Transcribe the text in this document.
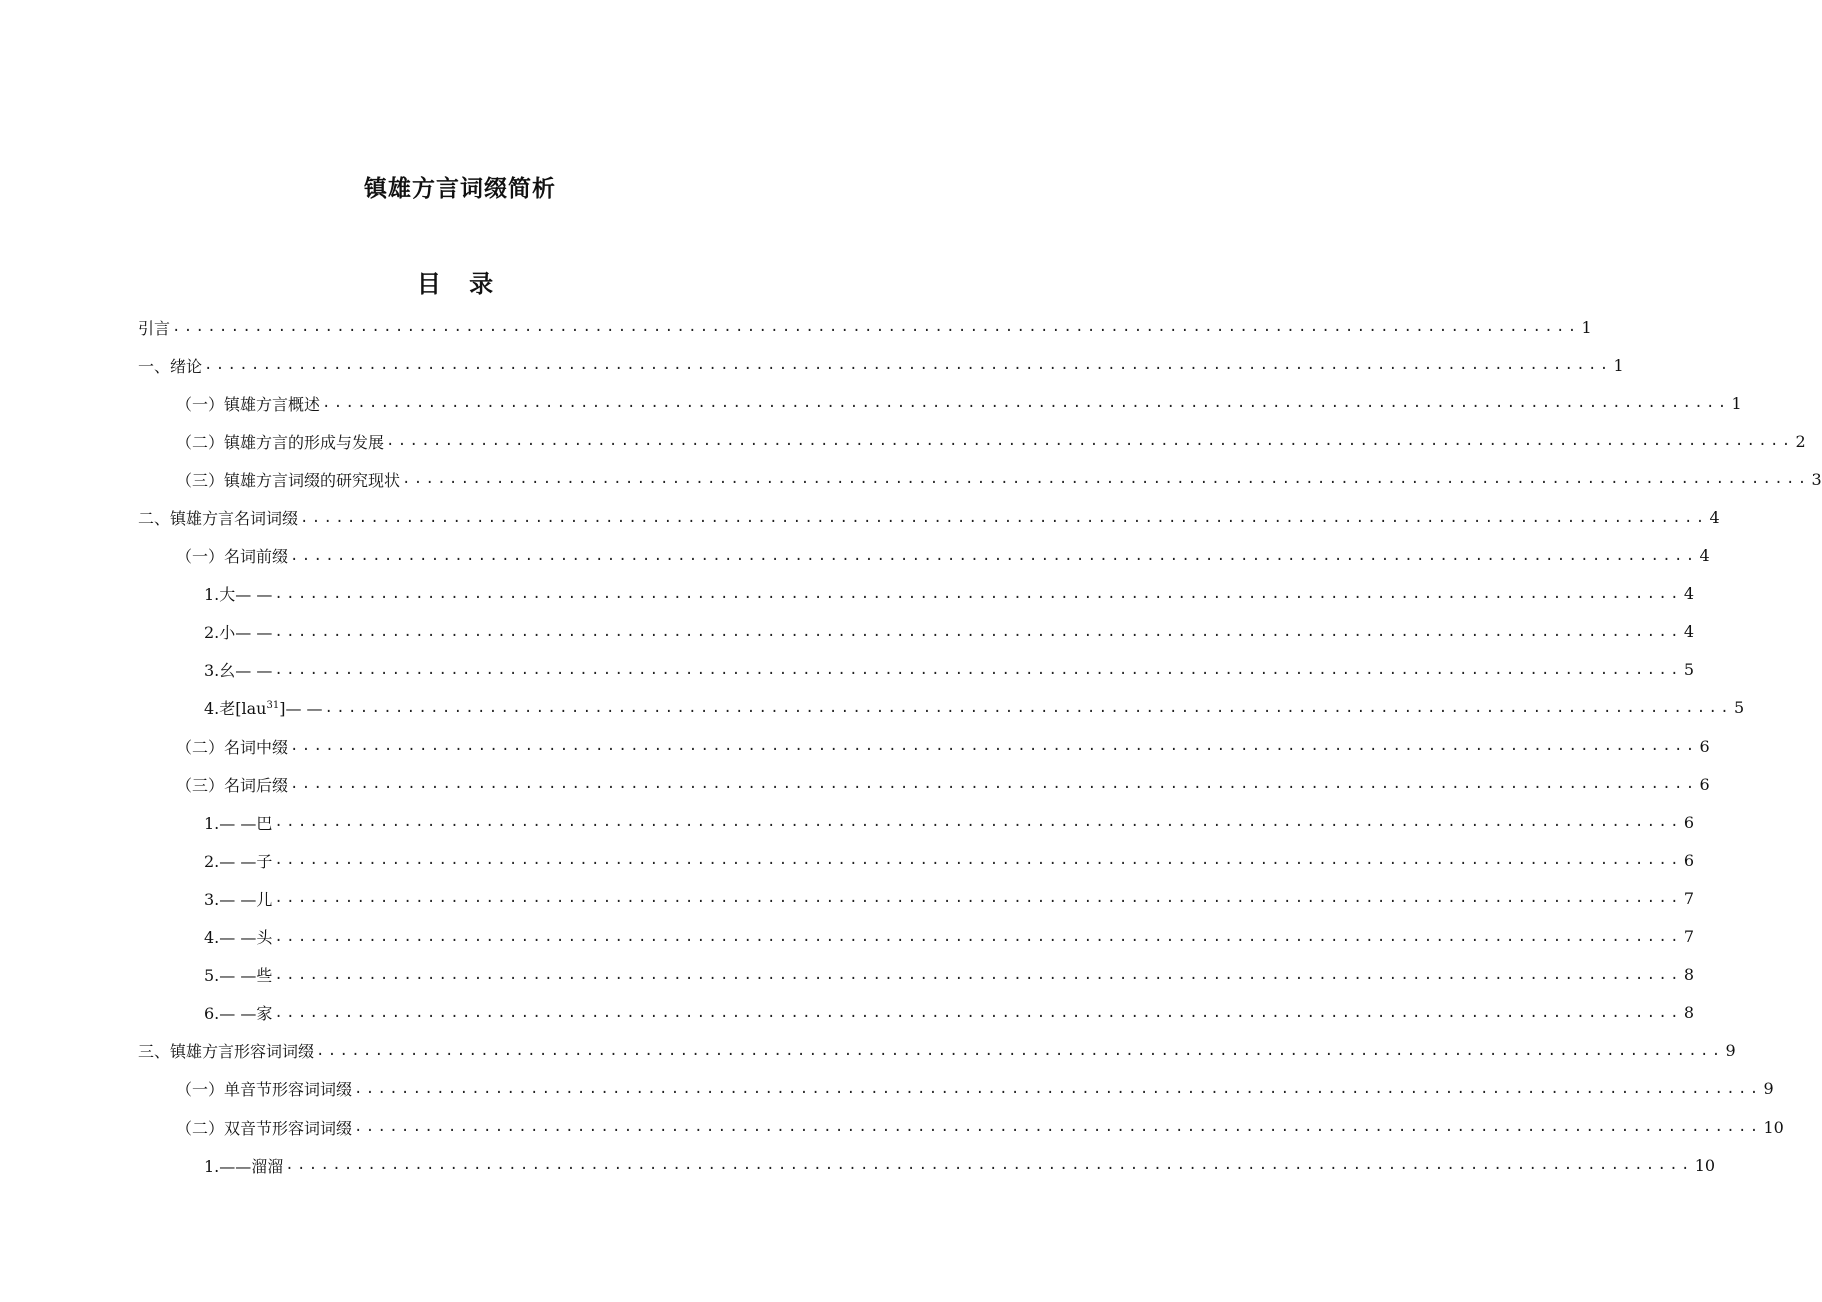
镇雄方言词缀简析
目 录
引言 ........................................................................................................................ 1
一、绪论 ........................................................................................................................ 1
（一）镇雄方言概述 ........................................................................................................................ 1
（二）镇雄方言的形成与发展 ........................................................................................................................ 2
（三）镇雄方言词缀的研究现状 ........................................................................................................................ 3
二、镇雄方言名词词缀 ........................................................................................................................ 4
（一）名词前缀 ........................................................................................................................ 4
1.大— — ........................................................................................................................ 4
2.小— — ........................................................................................................................ 4
3.幺— — ........................................................................................................................ 5
4.老[lau$^{31}$]— — ........................................................................................................................ 5
（二）名词中缀 ........................................................................................................................ 6
（三）名词后缀 ........................................................................................................................ 6
1.— —巴 ........................................................................................................................ 6
2.— —子 ........................................................................................................................ 6
3.— —儿 ........................................................................................................................ 7
4.— —头 ........................................................................................................................ 7
5.— —些 ........................................................................................................................ 8
6.— —家 ........................................................................................................................ 8
三、镇雄方言形容词词缀 ........................................................................................................................ 9
（一）单音节形容词词缀 ........................................................................................................................ 9
（二）双音节形容词词缀 ........................................................................................................................ 10
1.——溜溜 ........................................................................................................................ 10
